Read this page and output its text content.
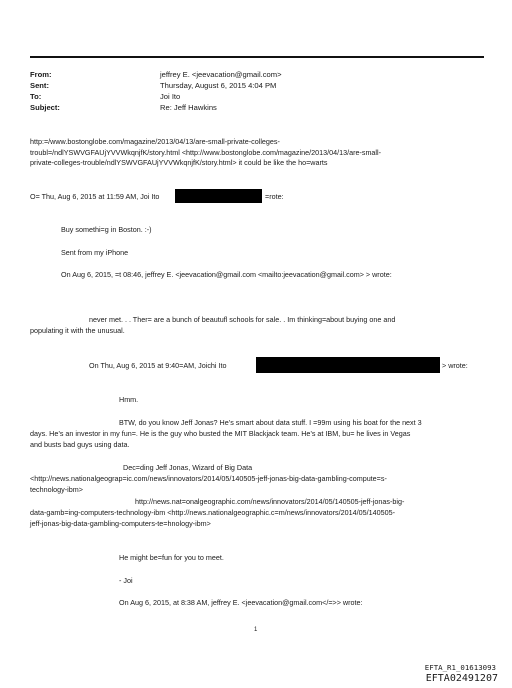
From:	jeffrey E. <jeevacation@gmail.com>
Sent:	Thursday, August 6, 2015 4:04 PM
To:	Joi Ito
Subject:	Re: Jeff Hawkins
http:=/www.bostonglobe.com/magazine/2013/04/13/are-small-private-colleges-
troubl=/ndlYSWVGFAUjYVVWkqnjfK/story.html <http://www.bostonglobe.com/magazine/2013/04/13/are-small-
private-colleges-trouble/ndlYSWVGFAUjYVVWkqnjfK/story.html> it could be like the ho=warts
O= Thu, Aug 6, 2015 at 11:59 AM, Joi Ito	=rote:
Buy somethi=g in Boston. :-)
Sent from my iPhone
On Aug 6, 2015, =t 08:46, jeffrey E. <jeevacation@gmail.com <mailto:jeevacation@gmail.com> > wrote:
never met. . . Ther= are a bunch of beautufl schools for sale. . Im thinking=about buying one and
populating it with the unusual.
On Thu, Aug 6, 2015 at 9:40=AM, Joichi Ito	> wrote:
Hmm.
BTW, do you know Jeff Jonas? He’s smart about data stuff. I =99m using his boat for the next 3
days. He’s an investor in my fun=. He is the guy who busted the MIT Blackjack team. He’s at IBM, bu= he lives in Vegas
and busts bad guys using data.
Dec=ding Jeff Jonas, Wizard of Big Data
<http://news.nationalgeograp=ic.com/news/innovators/2014/05/140505-jeff-jonas-big-data-gambling-compute=s-
technology-ibm>
http://news.nat=onalgeographic.com/news/innovators/2014/05/140505-jeff-jonas-big-
data-gamb=ing-computers-technology-ibm <http://news.nationalgeographic.c=m/news/innovators/2014/05/140505-
jeff-jonas-big-data-gambling-computers-te=hnology-ibm>
He might be=fun for you to meet.
- Joi
On Aug 6, 2015, at 8:38 AM, jeffrey E. <jeevacation@gmail.com</=>> wrote:
1
EFTA_R1_01613093
EFTA02491207
